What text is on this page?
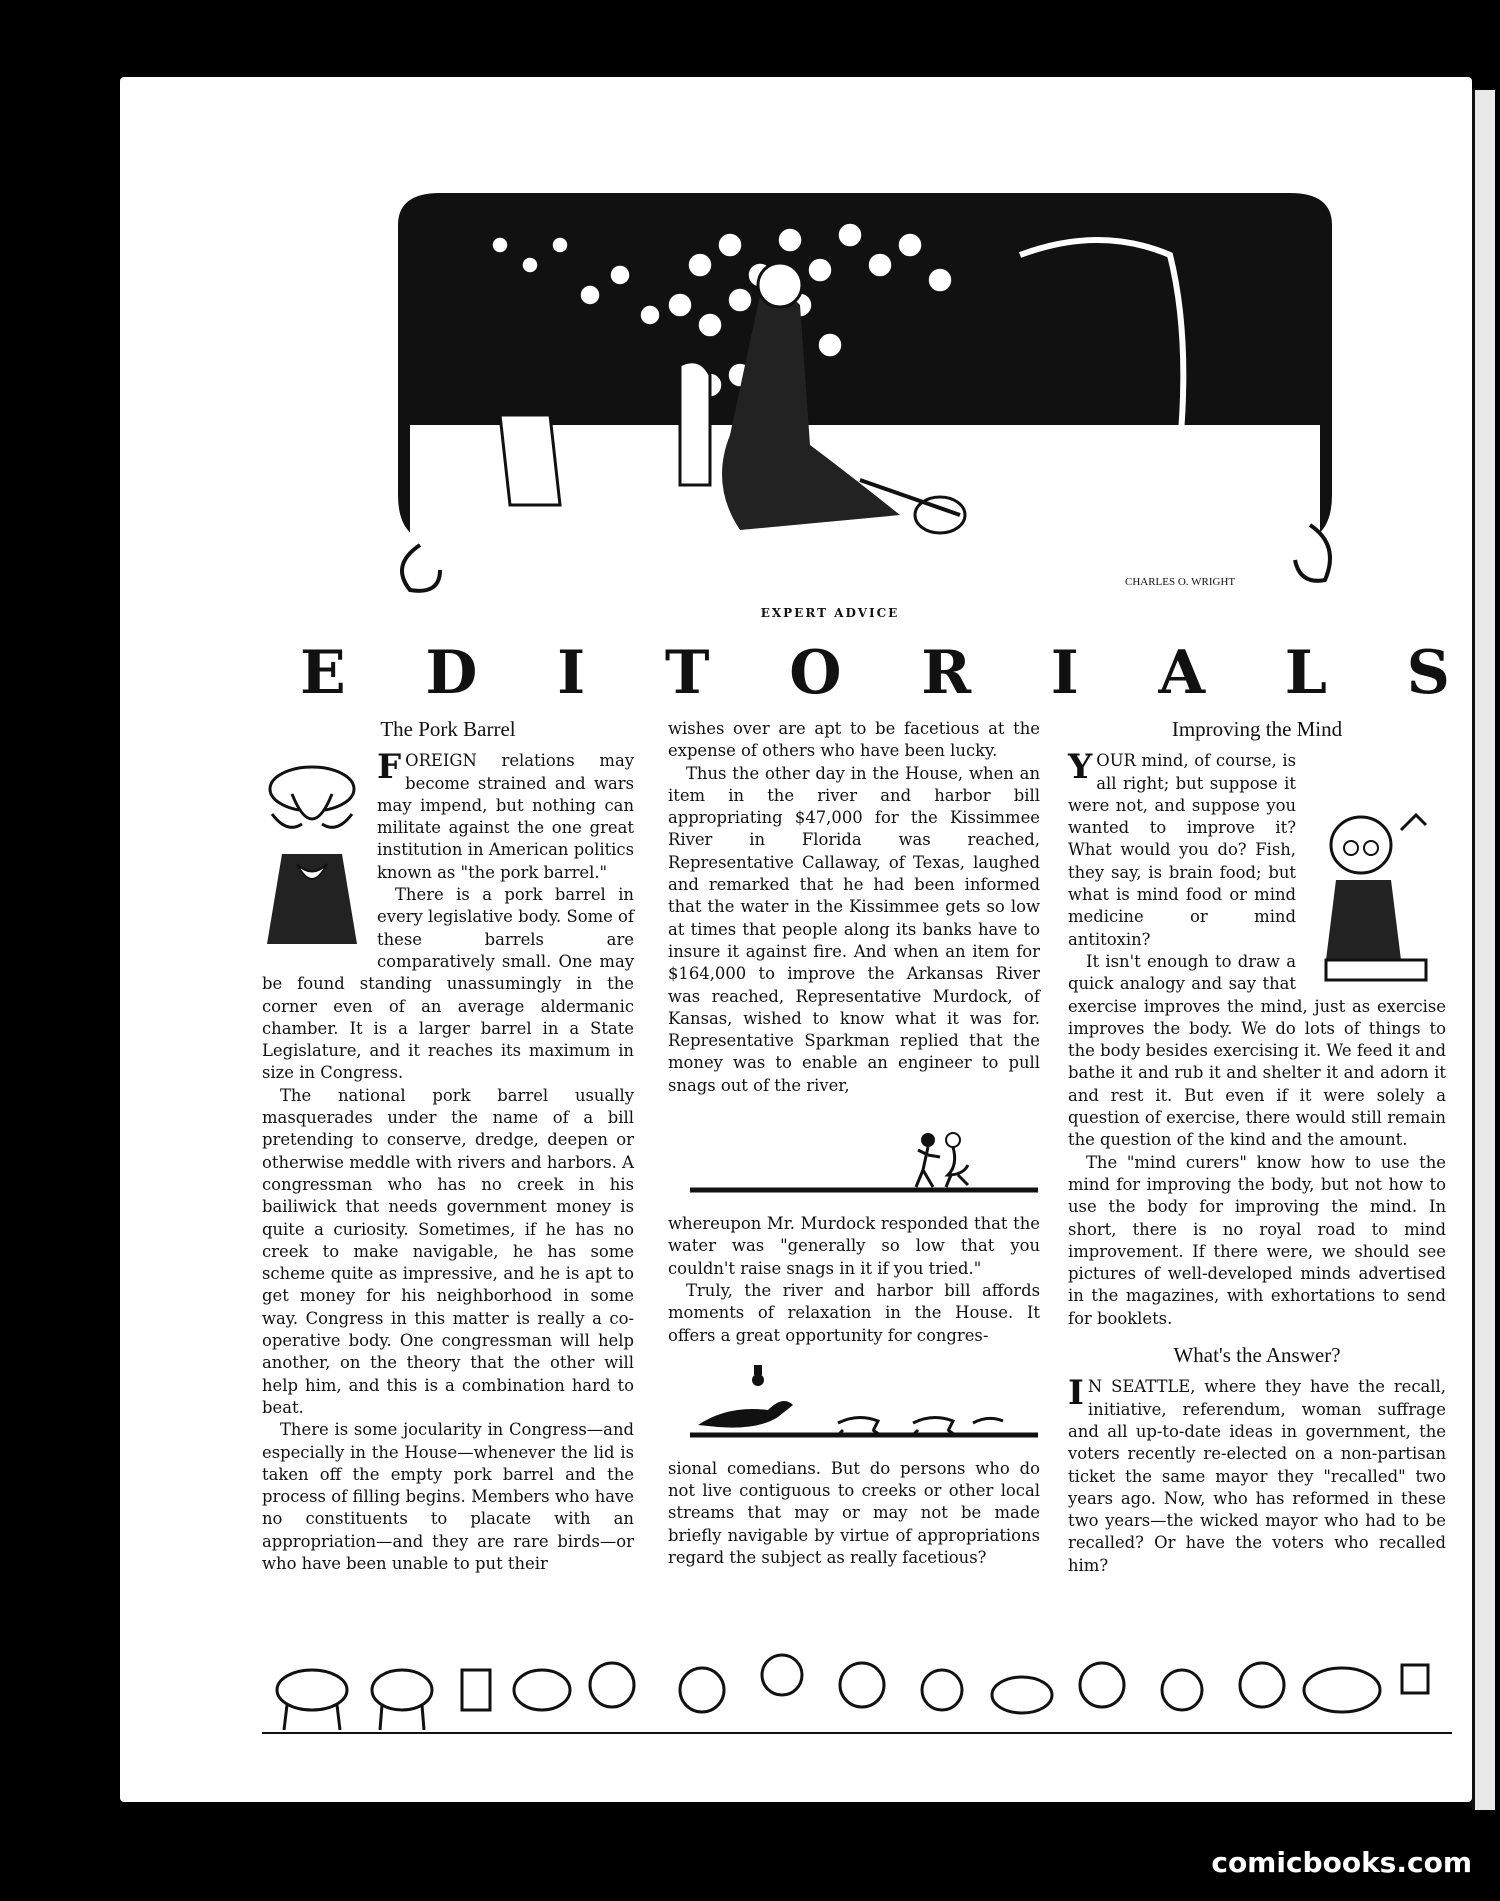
CHARLES O. WRIGHT
EXPERT ADVICE
E D I T O R I A L S
The Pork Barrel

FOREIGN relations may become strained and wars may impend, but nothing can militate against the one great institution in American politics known as "the pork barrel."

There is a pork barrel in every legislative body. Some of these barrels are comparatively small. One may be found standing unassumingly in the corner even of an average aldermanic chamber. It is a larger barrel in a State Legislature, and it reaches its maximum in size in Congress.

The national pork barrel usually masquerades under the name of a bill pretending to conserve, dredge, deepen or otherwise meddle with rivers and harbors. A congressman who has no creek in his bailiwick that needs government money is quite a curiosity. Sometimes, if he has no creek to make navigable, he has some scheme quite as impressive, and he is apt to get money for his neighborhood in some way. Congress in this matter is really a co-operative body. One congressman will help another, on the theory that the other will help him, and this is a combination hard to beat.

There is some jocularity in Congress—and especially in the House—whenever the lid is taken off the empty pork barrel and the process of filling begins. Members who have no constituents to placate with an appropriation—and they are rare birds—or who have been unable to put their

wishes over are apt to be facetious at the expense of others who have been lucky.

Thus the other day in the House, when an item in the river and harbor bill appropriating $47,000 for the Kissimmee River in Florida was reached, Representative Callaway, of Texas, laughed and remarked that he had been informed that the water in the Kissimmee gets so low at times that people along its banks have to insure it against fire. And when an item for $164,000 to improve the Arkansas River was reached, Representative Murdock, of Kansas, wished to know what it was for. Representative Sparkman replied that the money was to enable an engineer to pull snags out of the river,

whereupon Mr. Murdock responded that the water was "generally so low that you couldn't raise snags in it if you tried."

Truly, the river and harbor bill affords moments of relaxation in the House. It offers a great opportunity for congres-

sional comedians. But do persons who do not live contiguous to creeks or other local streams that may or may not be made briefly navigable by virtue of appropriations regard the subject as really facetious?

Improving the Mind

YOUR mind, of course, is all right; but suppose it were not, and suppose you wanted to improve it? What would you do? Fish, they say, is brain food; but what is mind food or mind medicine or mind antitoxin?

It isn't enough to draw a quick analogy and say that exercise improves the mind, just as exercise improves the body. We do lots of things to the body besides exercising it. We feed it and bathe it and rub it and shelter it and adorn it and rest it. But even if it were solely a question of exercise, there would still remain the question of the kind and the amount.

The "mind curers" know how to use the mind for improving the body, but not how to use the body for improving the mind. In short, there is no royal road to mind improvement. If there were, we should see pictures of well-developed minds advertised in the magazines, with exhortations to send for booklets.

What's the Answer?

I N SEATTLE, where they have the recall, initiative, referendum, woman suffrage and all up-to-date ideas in government, the voters recently re-elected on a non-partisan ticket the same mayor they "recalled" two years ago. Now, who has reformed in these two years—the wicked mayor who had to be recalled? Or have the voters who recalled him?

comicbooks.com
